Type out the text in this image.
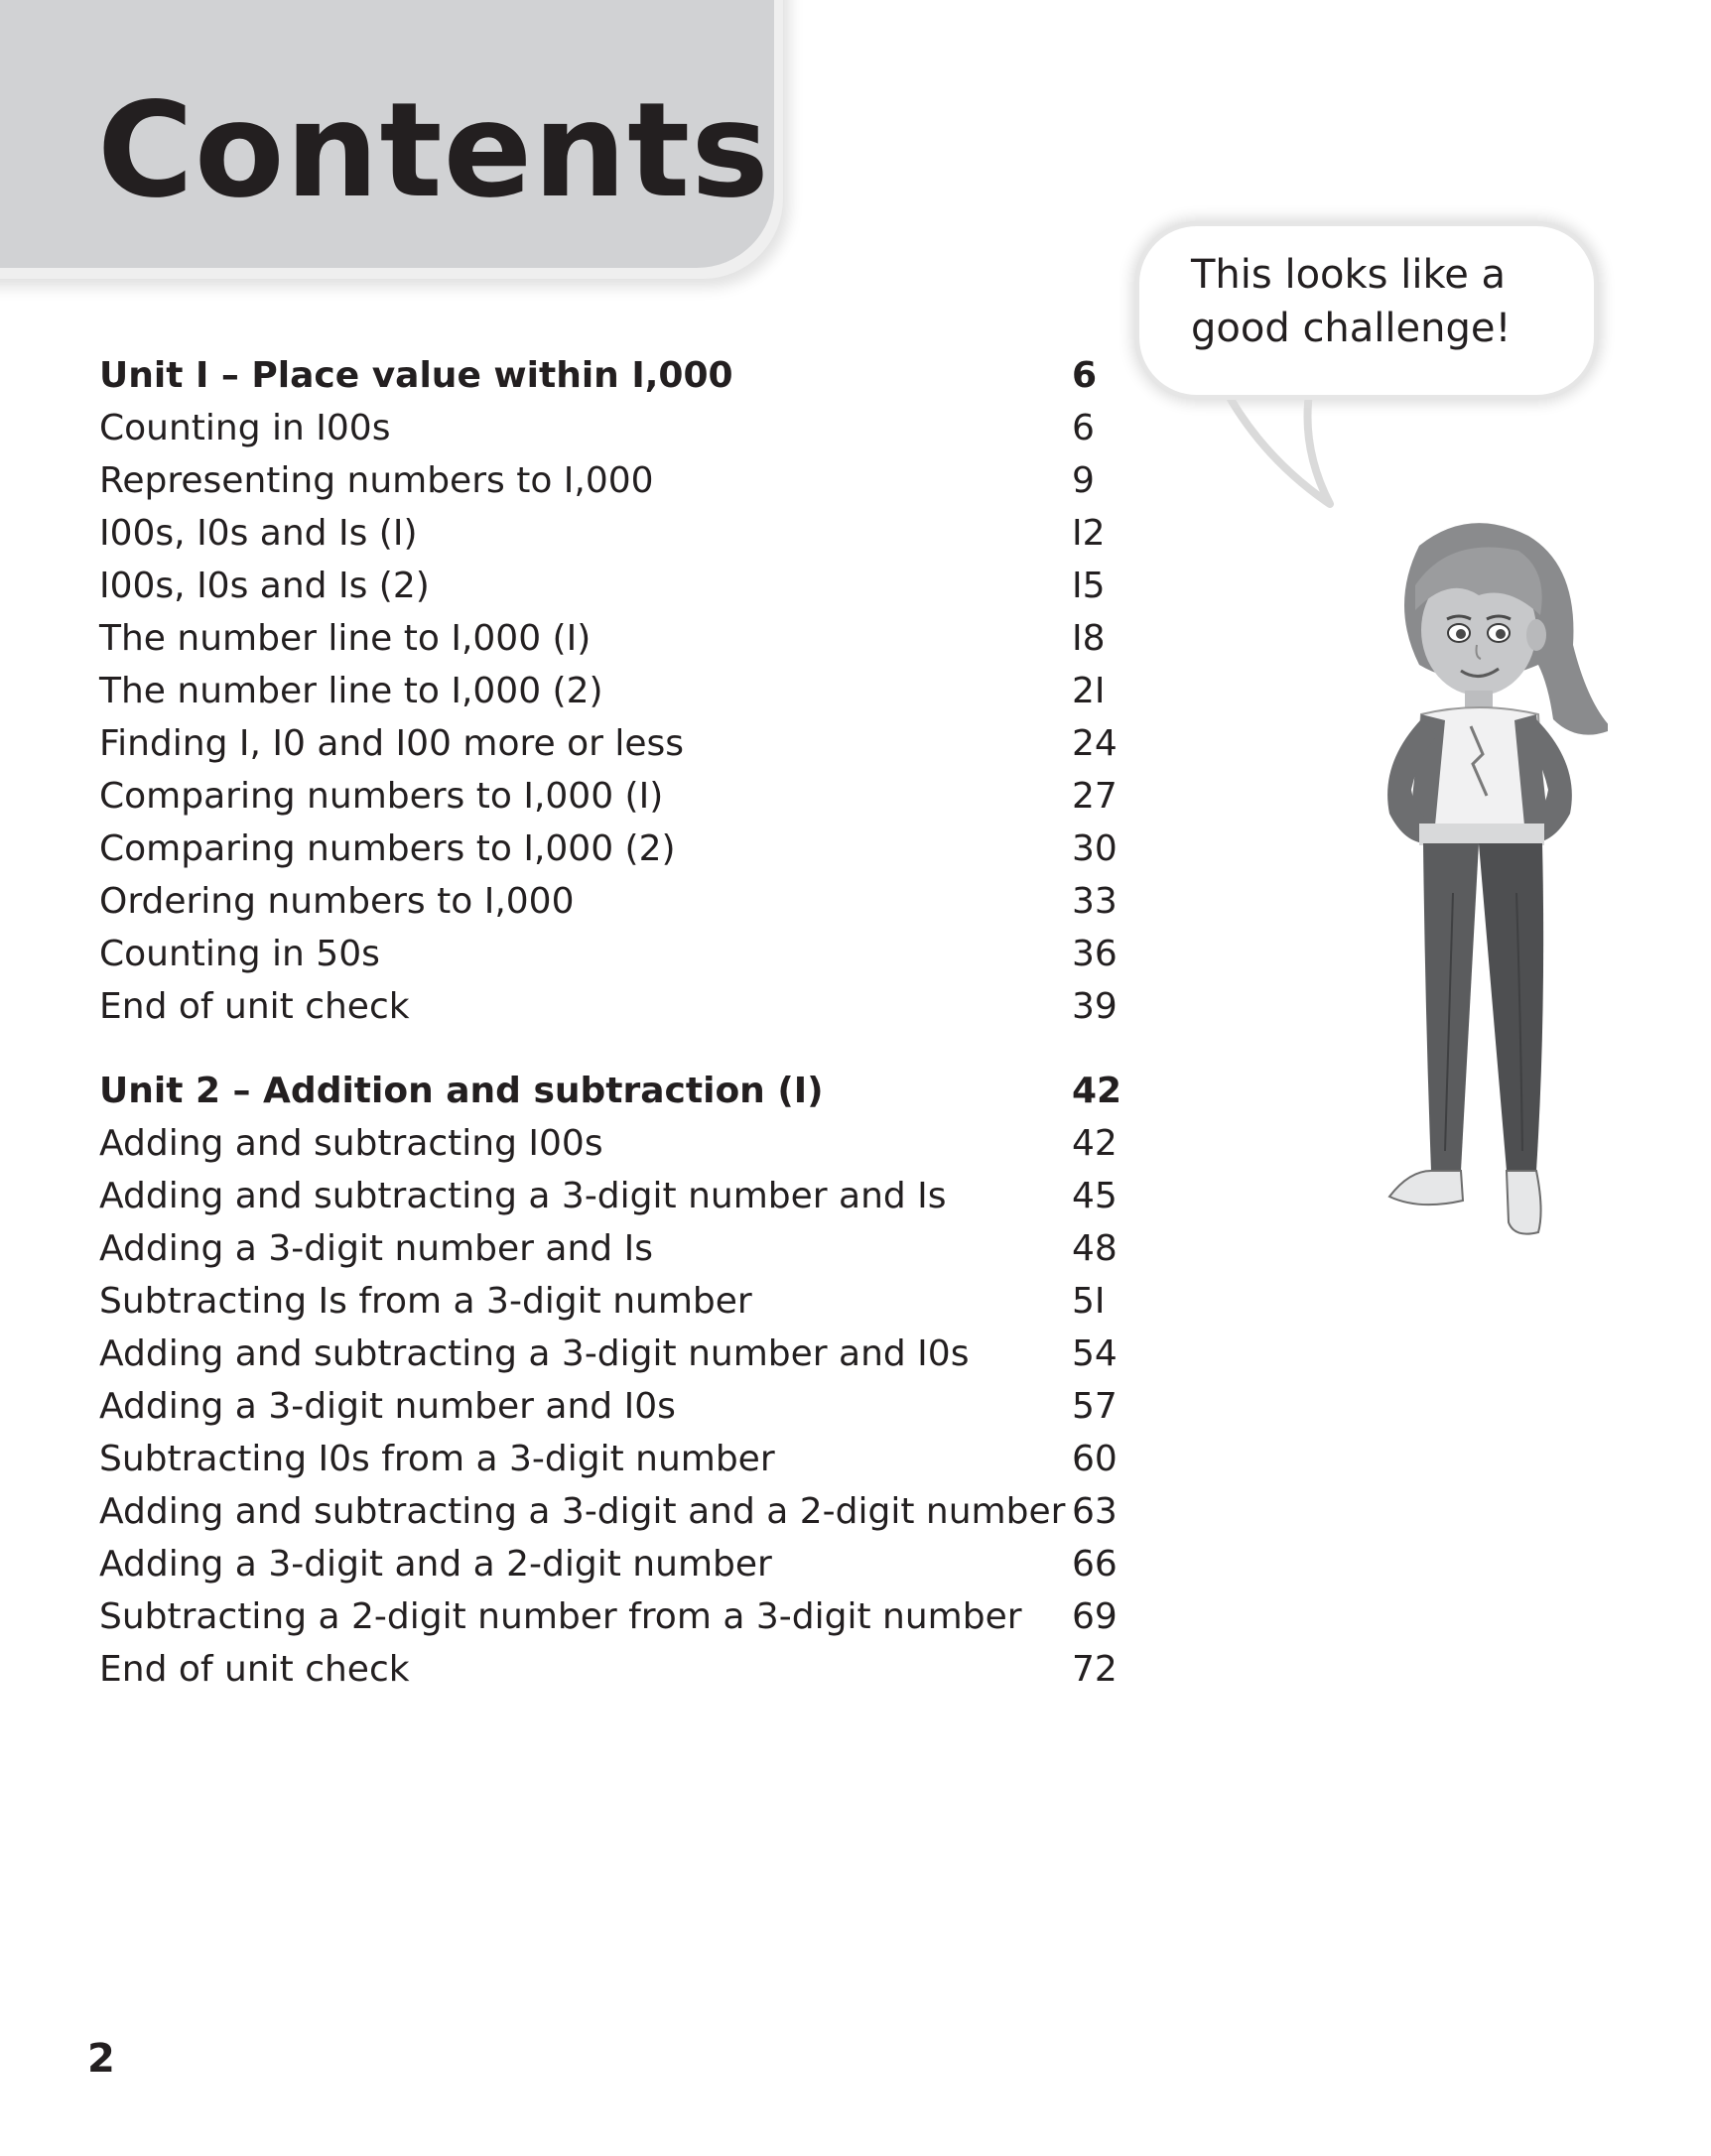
Contents
Unit I – Place value within I,000	6
Counting in I00s	6
Representing numbers to I,000	9
I00s, I0s and Is (I)	I2
I00s, I0s and Is (2)	I5
The number line to I,000 (I)	I8
The number line to I,000 (2)	2I
Finding I, I0 and I00 more or less	24
Comparing numbers to I,000 (I)	27
Comparing numbers to I,000 (2)	30
Ordering numbers to I,000	33
Counting in 50s	36
End of unit check	39
Unit 2 – Addition and subtraction (I)	42
Adding and subtracting I00s	42
Adding and subtracting a 3-digit number and Is	45
Adding a 3-digit number and Is	48
Subtracting Is from a 3-digit number	5I
Adding and subtracting a 3-digit number and I0s	54
Adding a 3-digit number and I0s	57
Subtracting I0s from a 3-digit number	60
Adding and subtracting a 3-digit and a 2-digit number 63
Adding a 3-digit and a 2-digit number	66
Subtracting a 2-digit number from a 3-digit number 69
End of unit check	72
This looks like a
good challenge!
2
